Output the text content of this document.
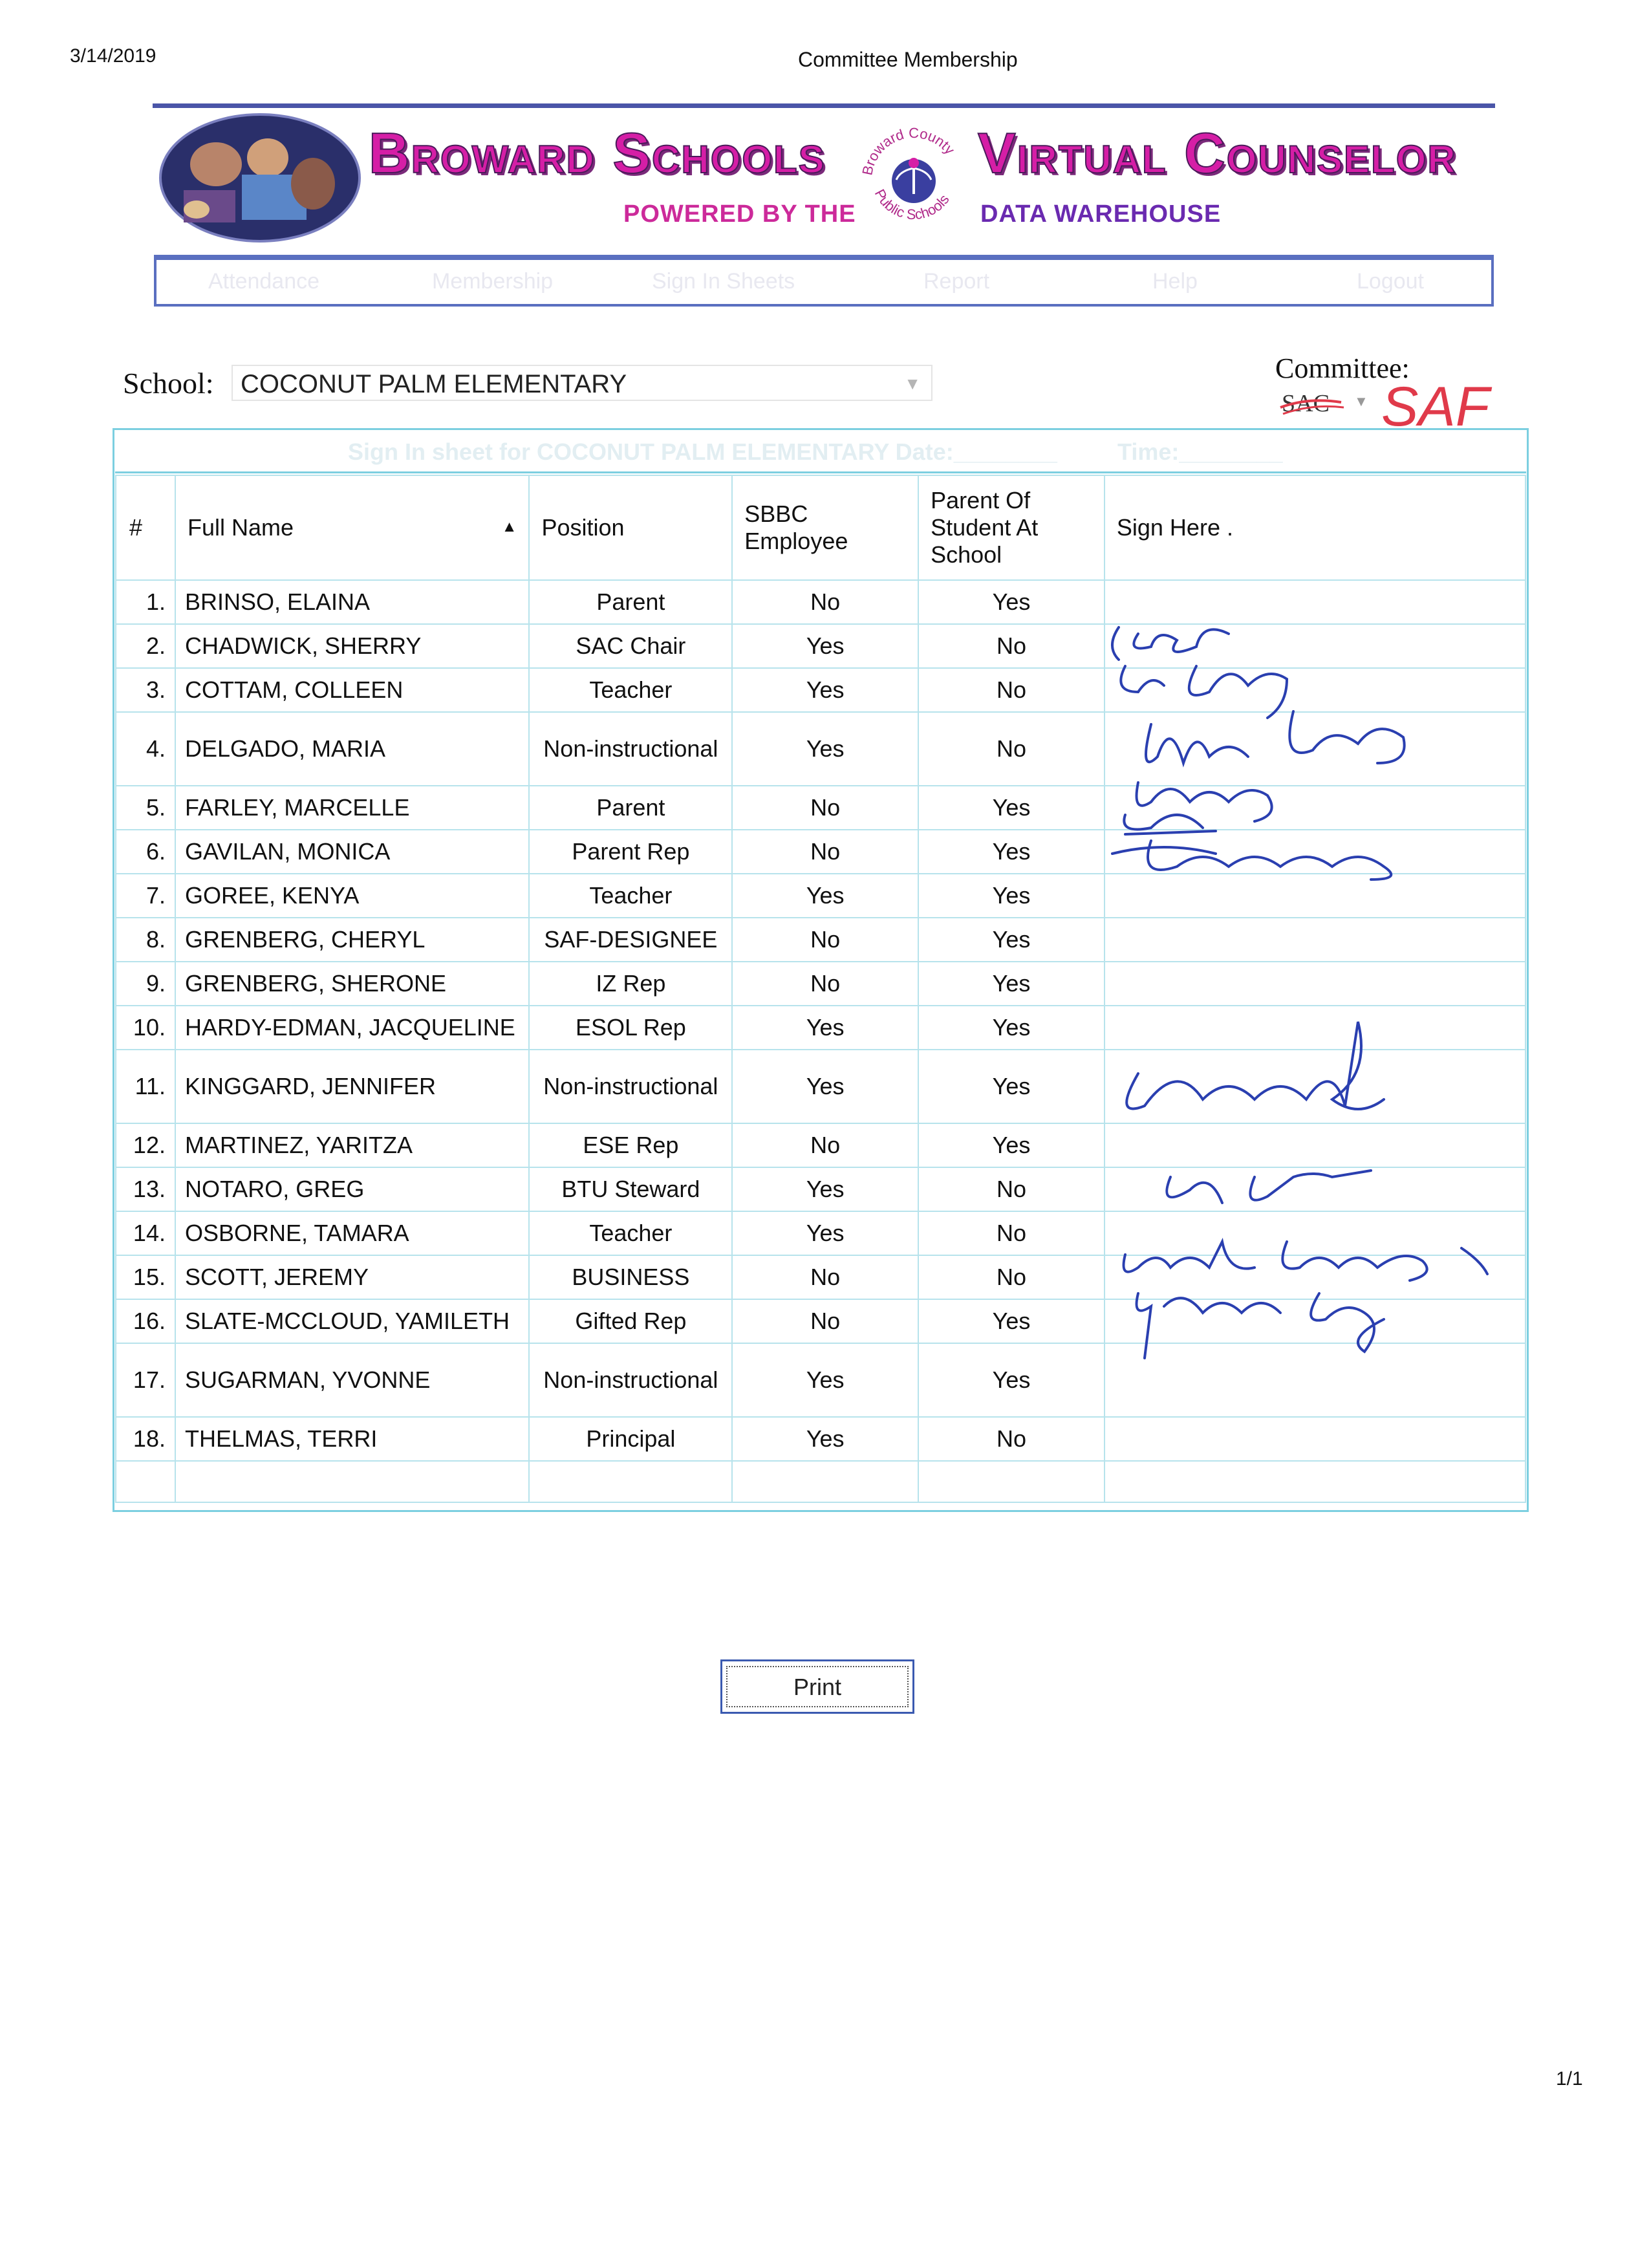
3/14/2019	Committee Membership
BROWARD SCHOOLS Broward County
Public Schools
VIRTUAL COUNSELOR
POWERED BY THE	DATA WAREHOUSE
Attendance	Membership	Sign In Sheets	Report	Help	Logout
School: COCONUT PALM ELEMENTARY	▼	Committee:
SAC ▼ SAF
Sign In sheet for COCONUT PALM ELEMENTARY Date:________	Time:________
#	Full Name ▲	Position	SBBC Employee	Parent Of Student At School	Sign Here .
1.	BRINSO, ELAINA	Parent	No	Yes	
2.	CHADWICK, SHERRY	SAC Chair	Yes	No	
3.	COTTAM, COLLEEN	Teacher	Yes	No	
4.	DELGADO, MARIA	Non-instructional	Yes	No	
5.	FARLEY, MARCELLE	Parent	No	Yes	
6.	GAVILAN, MONICA	Parent Rep	No	Yes	
7.	GOREE, KENYA	Teacher	Yes	Yes	
8.	GRENBERG, CHERYL	SAF-DESIGNEE	No	Yes	
9.	GRENBERG, SHERONE	IZ Rep	No	Yes	
10.	HARDY-EDMAN, JACQUELINE	ESOL Rep	Yes	Yes	
11.	KINGGARD, JENNIFER	Non-instructional	Yes	Yes	
12.	MARTINEZ, YARITZA	ESE Rep	No	Yes	
13.	NOTARO, GREG	BTU Steward	Yes	No	
14.	OSBORNE, TAMARA	Teacher	Yes	No	
15.	SCOTT, JEREMY	BUSINESS	No	No	
16.	SLATE-MCCLOUD, YAMILETH	Gifted Rep	No	Yes	
17.	SUGARMAN, YVONNE	Non-instructional	Yes	Yes	
18.	THELMAS, TERRI	Principal	Yes	No	

Print
1/1
